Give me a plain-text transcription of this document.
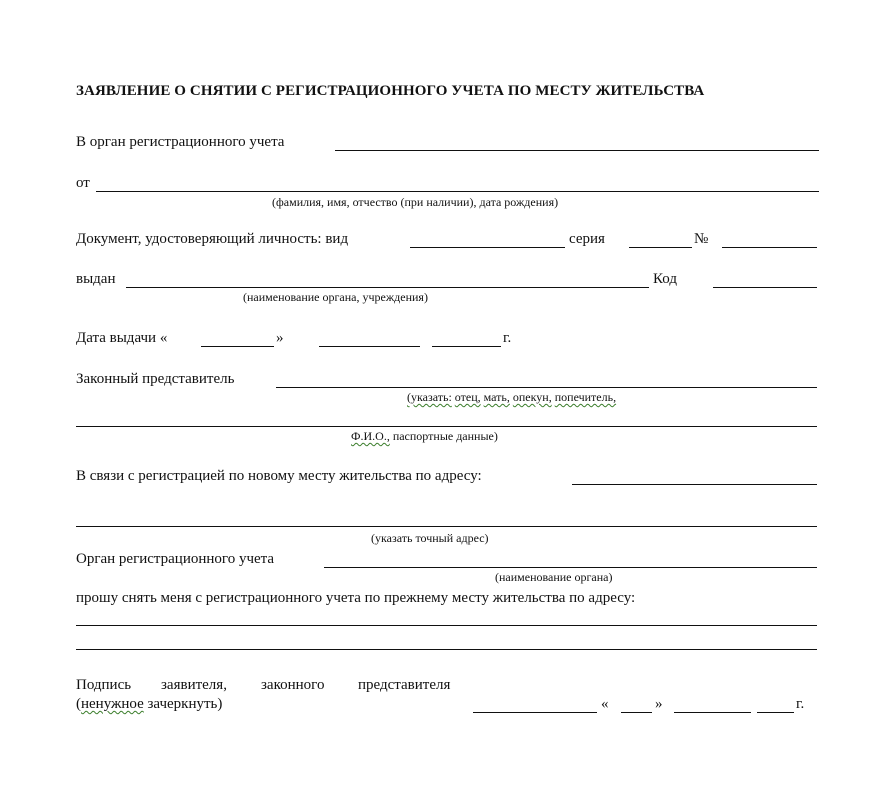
ЗАЯВЛЕНИЕ О СНЯТИИ С РЕГИСТРАЦИОННОГО УЧЕТА ПО МЕСТУ ЖИТЕЛЬСТВА
В орган регистрационного учета
от
(фамилия, имя, отчество (при наличии), дата рождения)
Документ, удостоверяющий личность: вид	серия	№
выдан	Код
(наименование органа, учреждения)
Дата выдачи «	»	г.
Законный представитель
(указать: отец, мать, опекун, попечитель,
Ф.И.О., паспортные данные)
В связи с регистрацией по новому месту жительства по адресу:
(указать точный адрес)
Орган регистрационного учета
(наименование органа)
прошу снять меня с регистрационного учета по прежнему месту жительства по адресу:
Подпись заявителя, законного представителя
(ненужное зачеркнуть)	«	»	г.
